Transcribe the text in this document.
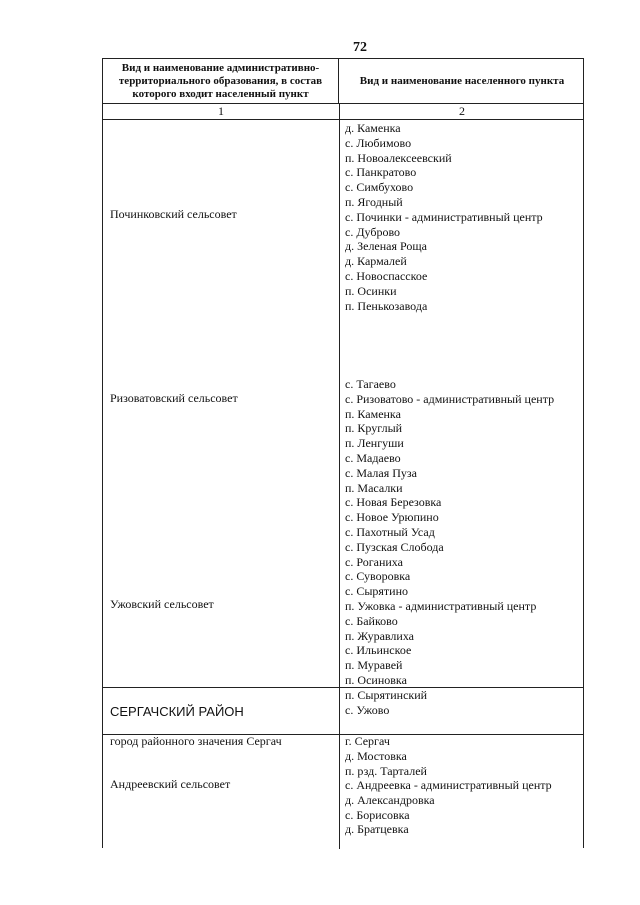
72
Вид и наименование административно-территориального образования, в состав которого входит населенный пункт
Вид и наименование населенного пункта
1	2
Починковский сельсовет
Ризоватовский сельсовет
Ужовский сельсовет
д. Каменка
с. Любимово
п. Новоалексеевский
с. Панкратово
с. Симбухово
п. Ягодный
с. Починки - административный центр
с. Дуброво
д. Зеленая Роща
д. Кармалей
с. Новоспасское
п. Осинки
п. Пенькозавода
с. Тагаево
с. Ризоватово - административный центр
п. Каменка
п. Круглый
п. Ленгуши
с. Мадаево
с. Малая Пуза
п. Масалки
с. Новая Березовка
с. Новое Урюпино
с. Пахотный Усад
с. Пузская Слобода
с. Роганиха
с. Суворовка
с. Сырятино
п. Ужовка - административный центр
с. Байково
п. Журавлиха
с. Ильинское
п. Муравей
п. Осиновка
п. Сырятинский
с. Ужово
СЕРГАЧСКИЙ РАЙОН
город районного значения Сергач
Андреевский сельсовет
г. Сергач
д. Мостовка
п. рзд. Тарталей
с. Андреевка - административный центр
д. Александровка
с. Борисовка
д. Братцевка
